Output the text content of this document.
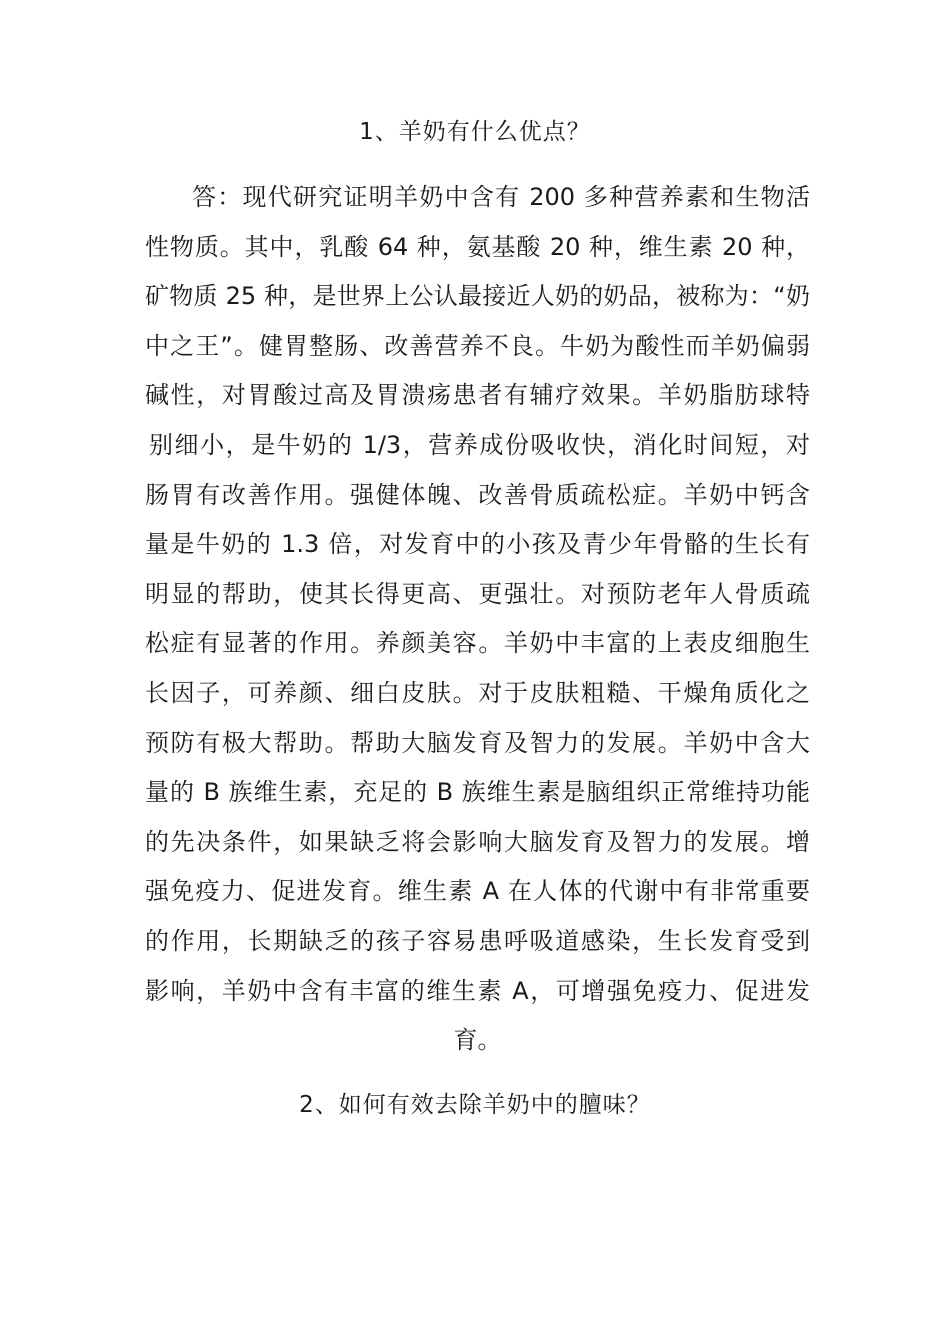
1、羊奶有什么优点？
答：现代研究证明羊奶中含有 200 多种营养素和生物活
性物质。其中，乳酸 64 种，氨基酸 20 种，维生素 20 种，
矿物质 25 种，是世界上公认最接近人奶的奶品，被称为：“奶
中之王”。健胃整肠、改善营养不良。牛奶为酸性而羊奶偏弱
碱性，对胃酸过高及胃溃疡患者有辅疗效果。羊奶脂肪球特
别细小，是牛奶的 1/3，营养成份吸收快，消化时间短，对
肠胃有改善作用。强健体魄、改善骨质疏松症。羊奶中钙含
量是牛奶的 1.3 倍，对发育中的小孩及青少年骨骼的生长有
明显的帮助，使其长得更高、更强壮。对预防老年人骨质疏
松症有显著的作用。养颜美容。羊奶中丰富的上表皮细胞生
长因子，可养颜、细白皮肤。对于皮肤粗糙、干燥角质化之
预防有极大帮助。帮助大脑发育及智力的发展。羊奶中含大
量的 B 族维生素，充足的 B 族维生素是脑组织正常维持功能
的先决条件，如果缺乏将会影响大脑发育及智力的发展。增
强免疫力、促进发育。维生素 A 在人体的代谢中有非常重要
的作用，长期缺乏的孩子容易患呼吸道感染，生长发育受到
影响，羊奶中含有丰富的维生素 A，可增强免疫力、促进发
育。
2、如何有效去除羊奶中的膻味？
